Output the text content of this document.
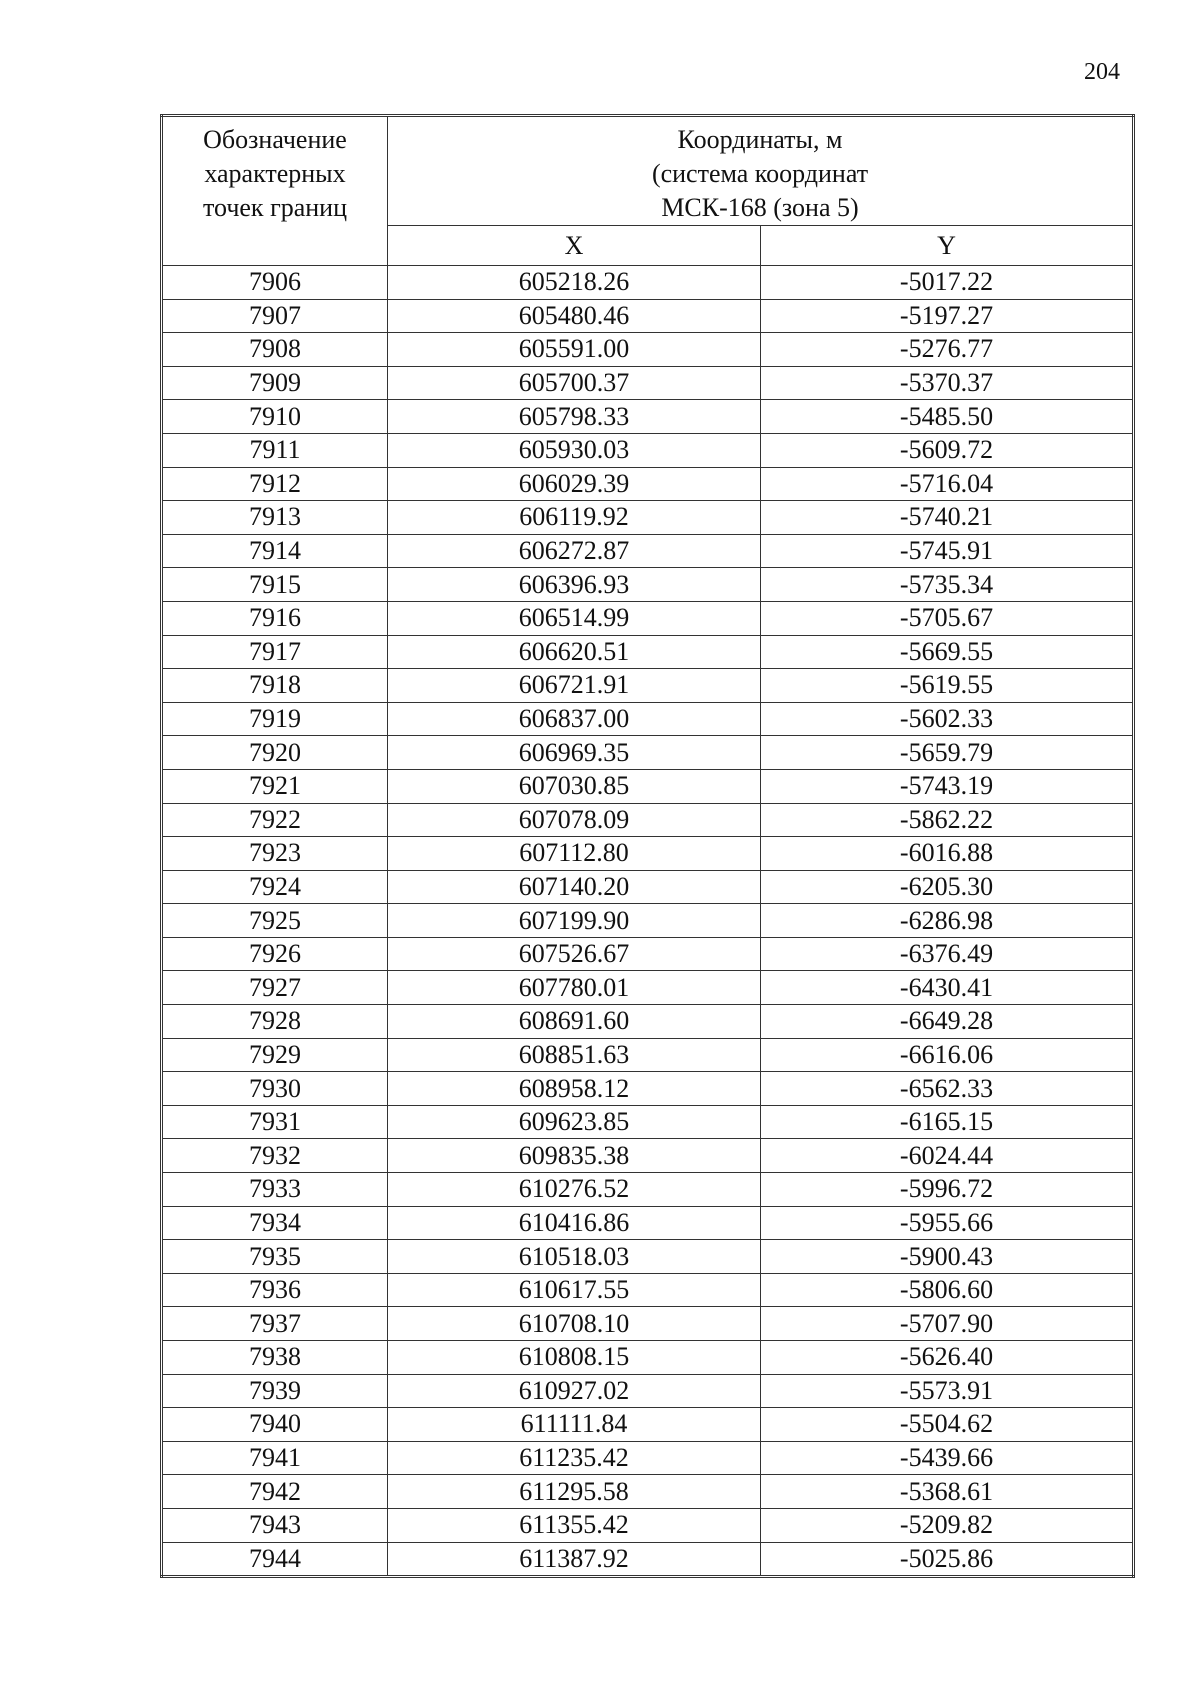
204
Обозначение
характерных
точек границ	Координаты, м
(система координат
МСК-168 (зона 5)	

	X	Y
7906	605218.26	-5017.22
7907	605480.46	-5197.27
7908	605591.00	-5276.77
7909	605700.37	-5370.37
7910	605798.33	-5485.50
7911	605930.03	-5609.72
7912	606029.39	-5716.04
7913	606119.92	-5740.21
7914	606272.87	-5745.91
7915	606396.93	-5735.34
7916	606514.99	-5705.67
7917	606620.51	-5669.55
7918	606721.91	-5619.55
7919	606837.00	-5602.33
7920	606969.35	-5659.79
7921	607030.85	-5743.19
7922	607078.09	-5862.22
7923	607112.80	-6016.88
7924	607140.20	-6205.30
7925	607199.90	-6286.98
7926	607526.67	-6376.49
7927	607780.01	-6430.41
7928	608691.60	-6649.28
7929	608851.63	-6616.06
7930	608958.12	-6562.33
7931	609623.85	-6165.15
7932	609835.38	-6024.44
7933	610276.52	-5996.72
7934	610416.86	-5955.66
7935	610518.03	-5900.43
7936	610617.55	-5806.60
7937	610708.10	-5707.90
7938	610808.15	-5626.40
7939	610927.02	-5573.91
7940	611111.84	-5504.62
7941	611235.42	-5439.66
7942	611295.58	-5368.61
7943	611355.42	-5209.82
7944	611387.92	-5025.86
